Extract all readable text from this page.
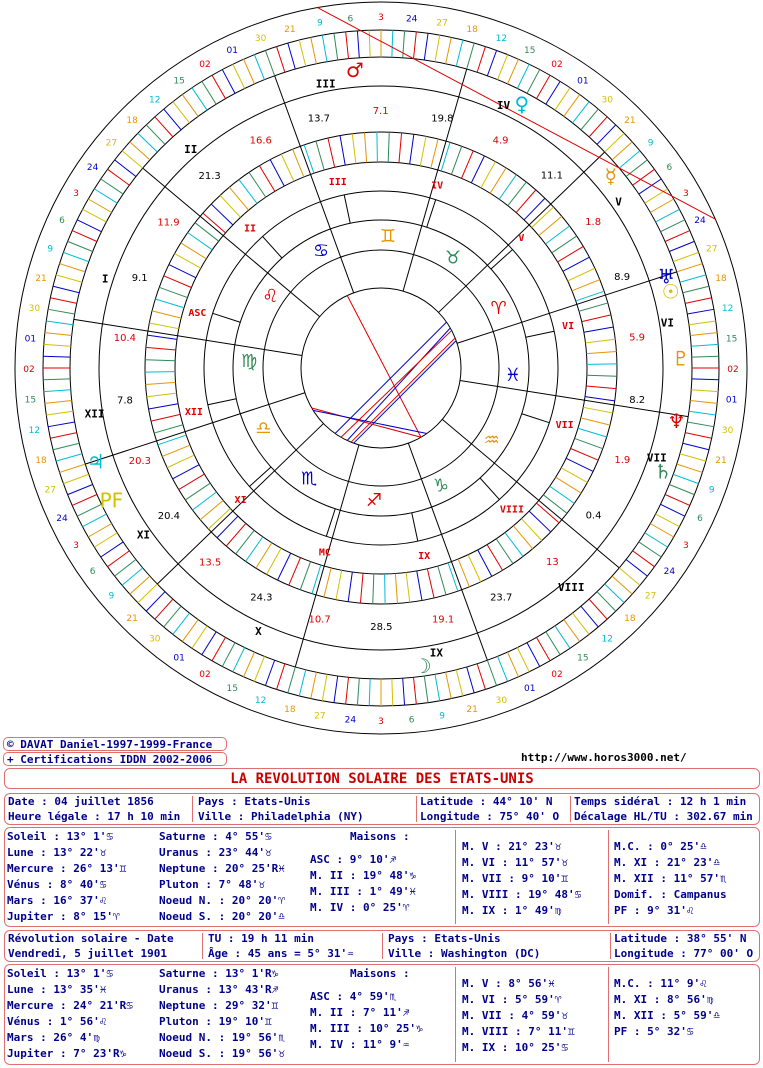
♈
♉
♊
♋
♌
♍
♎
♏
♐
♑
♒
♓
I
II
III
IV
V
VI
VII
VIII
IX
X
XI
XII
ASC
II
III	IV
V
VI
VII
VIII
IX
MC
XI
XII
02
15
12
18
27
24
3
6
9
21
30
01
02
15
12
18
27
24
3
6
9
21
30
01
02
15
12
18
27
24
3
6
9
21
30
01
02
15
12
18
27
24
3
6
9
21
30
01
02
15
12
18
27 24 3	6	9
21
30
01
02
15
12
18
27
24
3
6
9
21
30
01
♂
☽
♀
☿
☉
♅
♆
♄
♃
♇
PF
5.9
8.9
1.8
11.1
4.9
19.8
7.1
13.7
16.6
21.3
11.9
9.1
10.4
7.8
20.3
20.4
13.5
24.3
10.7
28.5
19.1
23.7
13
0.4
1.9
8.2
© DAVAT Daniel-1997-1999-France
+ Certifications IDDN 2002-2006	http://www.horos3000.net/
LA REVOLUTION SOLAIRE DES ETATS-UNIS
Date : 04 juillet 1856
Heure légale : 17 h 10 min
Pays : Etats-Unis
Ville : Philadelphia (NY)
Latitude : 44° 10' N
Longitude : 75° 40' O
Temps sidéral : 12 h 1 min
Décalage HL/TU : 302.67 min
Soleil : 13° 1'♋
Lune : 13° 22'♉
Mercure : 26° 13'♊
Vénus : 8° 40'♋
Mars : 16° 37'♌
Jupiter : 8° 15'♈
Saturne : 4° 55'♋
Uranus : 23° 44'♉
Neptune : 20° 25'R♓
Pluton : 7° 48'♉
Noeud N. : 20° 20'♈
Noeud S. : 20° 20'♎
Maisons :
ASC : 9° 10'♐
M. II : 19° 48'♑
M. III : 1° 49'♓
M. IV : 0° 25'♈
M. V : 21° 23'♉
M. VI : 11° 57'♉
M. VII : 9° 10'♊
M. VIII : 19° 48'♋
M. IX : 1° 49'♍
M.C. : 0° 25'♎
M. XI : 21° 23'♎
M. XII : 11° 57'♏
Domif. : Campanus
PF : 9° 31'♌
Révolution solaire - Date
Vendredi, 5 juillet 1901
TU : 19 h 11 min
Âge : 45 ans = 5° 31'♒
Pays : Etats-Unis
Ville : Washington (DC)
Latitude : 38° 55' N
Longitude : 77° 00' O
Soleil : 13° 1'♋
Lune : 13° 35'♓
Mercure : 24° 21'R♋
Vénus : 1° 56'♌
Mars : 26° 4'♍
Jupiter : 7° 23'R♑
Saturne : 13° 1'R♑
Uranus : 13° 43'R♐
Neptune : 29° 32'♊
Pluton : 19° 10'♊
Noeud N. : 19° 56'♏
Noeud S. : 19° 56'♉
Maisons :
ASC : 4° 59'♏
M. II : 7° 11'♐
M. III : 10° 25'♑
M. IV : 11° 9'♒
M. V : 8° 56'♓
M. VI : 5° 59'♈
M. VII : 4° 59'♉
M. VIII : 7° 11'♊
M. IX : 10° 25'♋
M.C. : 11° 9'♌
M. XI : 8° 56'♍
M. XII : 5° 59'♎
PF : 5° 32'♋
